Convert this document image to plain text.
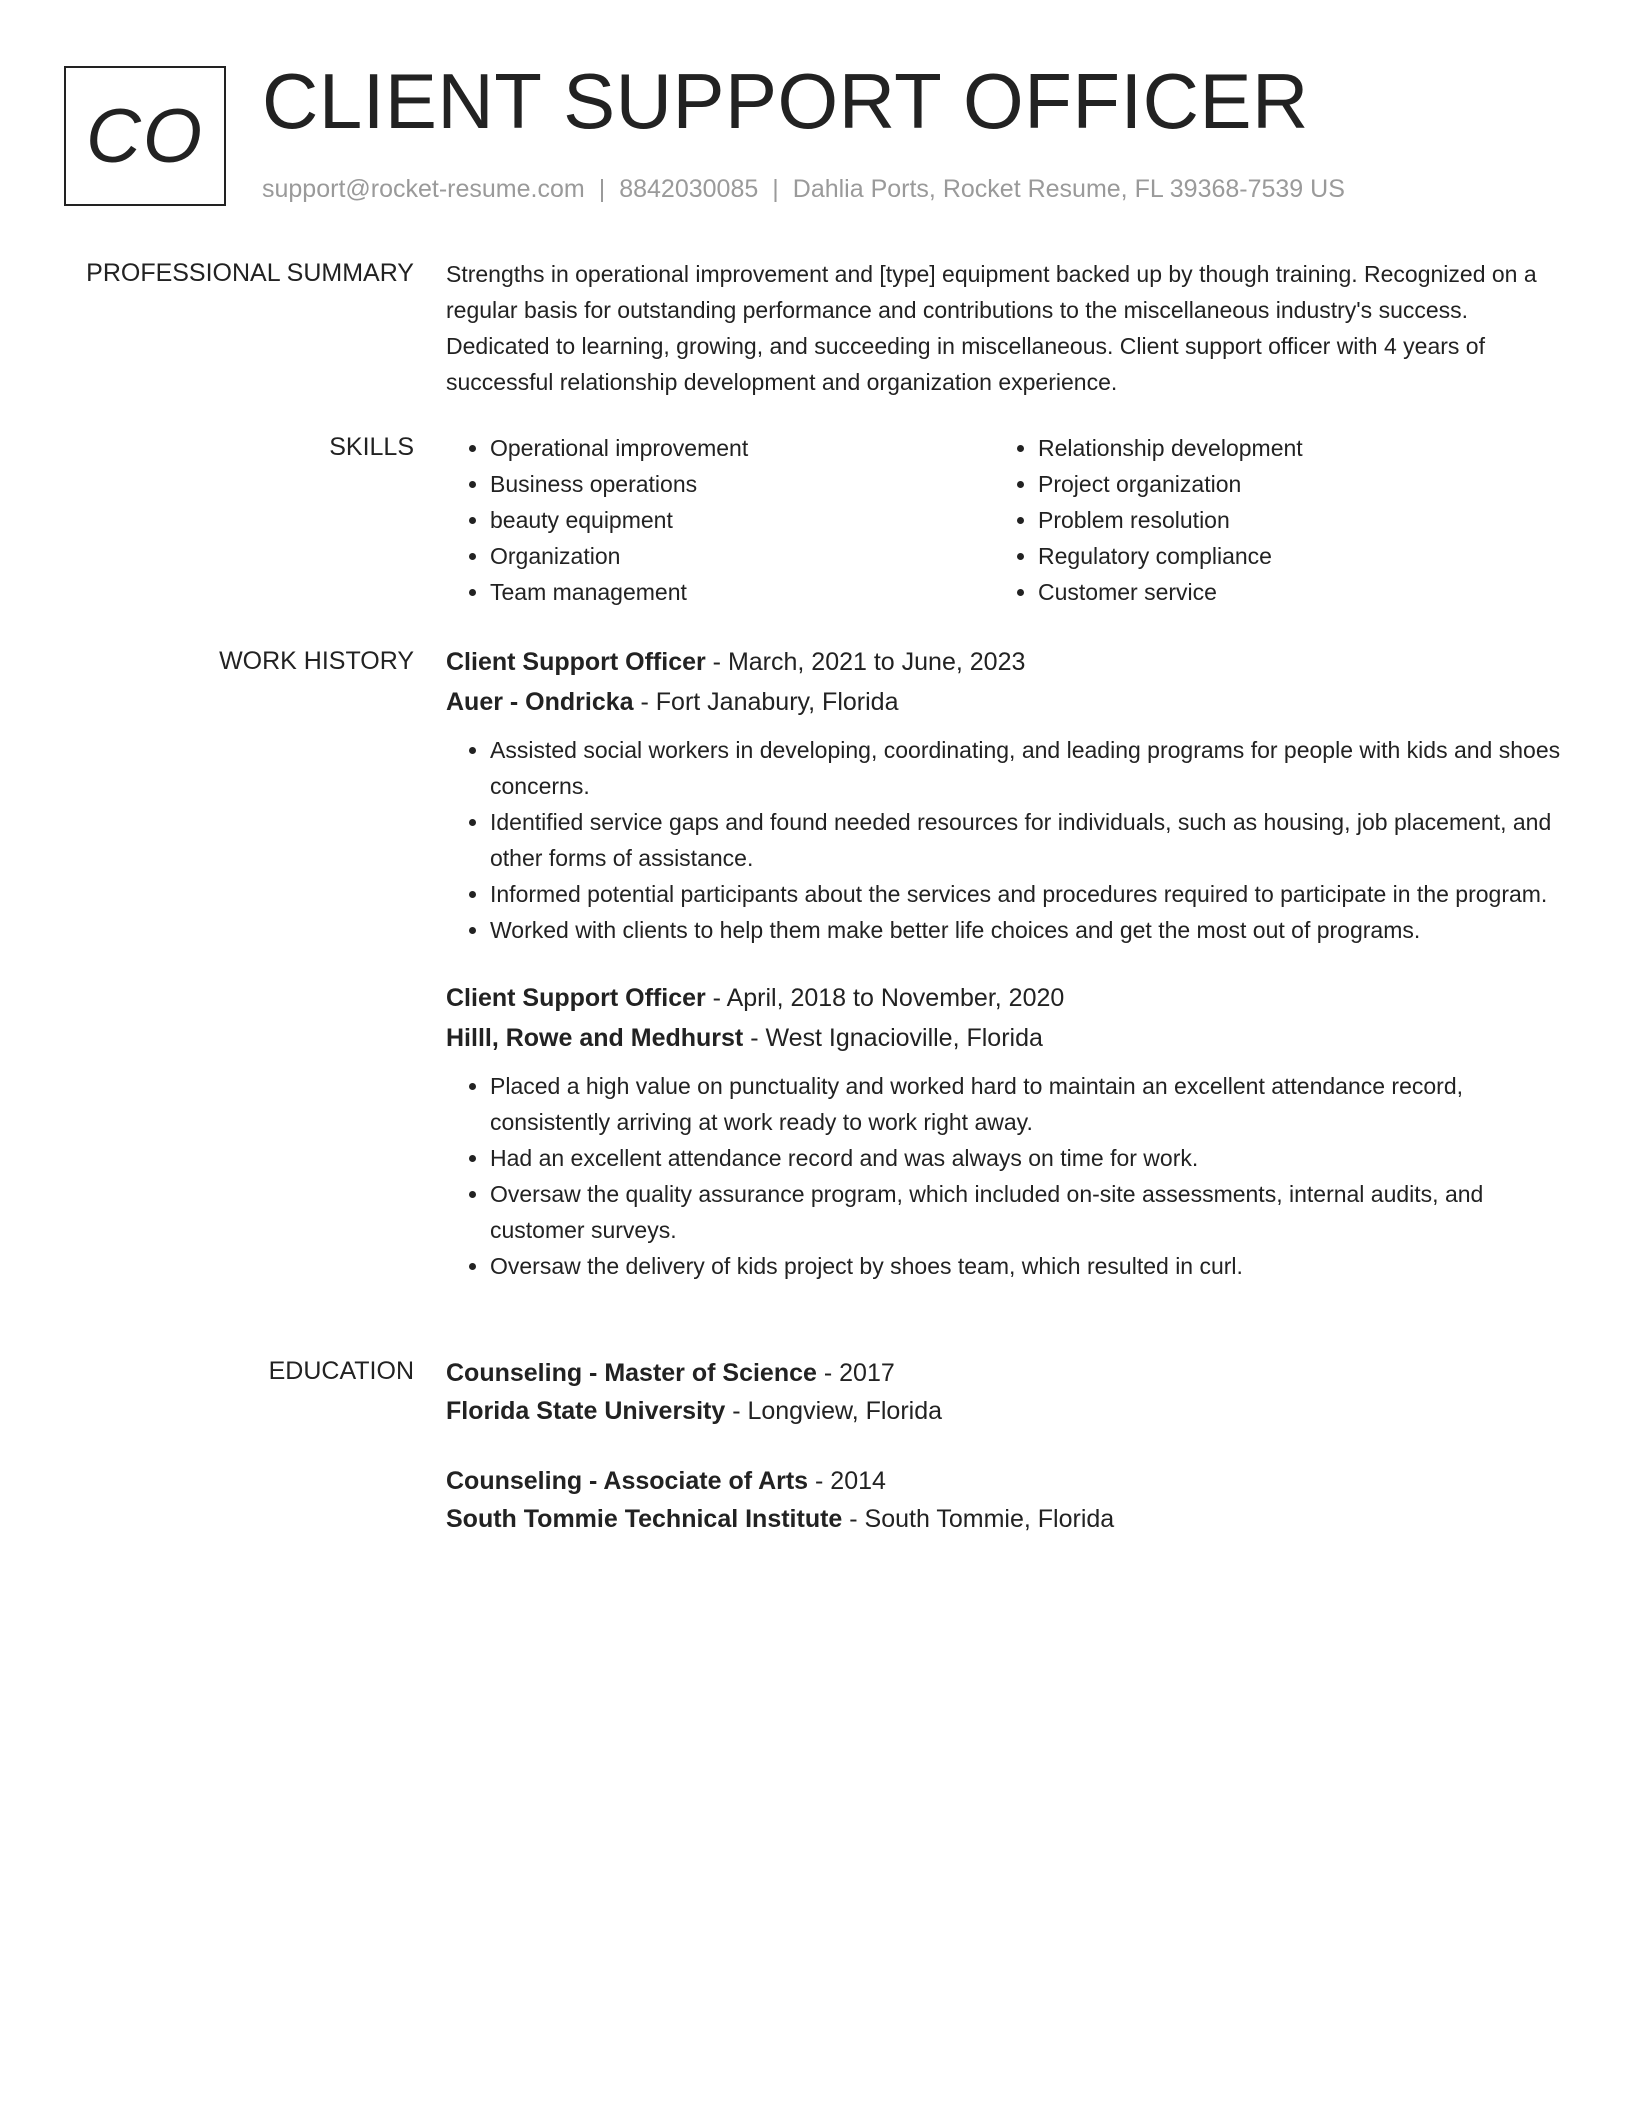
CO CLIENT SUPPORT OFFICER
support@rocket-resume.com | 8842030085 | Dahlia Ports, Rocket Resume, FL 39368-7539 US
PROFESSIONAL SUMMARY Strengths in operational improvement and [type] equipment backed up by though training. Recognized on a regular basis for outstanding performance and contributions to the miscellaneous industry's success. Dedicated to learning, growing, and succeeding in miscellaneous. Client support officer with 4 years of successful relationship development and organization experience.

SKILLS
•	Operational improvement
• Business operations
• beauty equipment
• Organization
• Team management
• Relationship development
• Project organization
• Problem resolution
• Regulatory compliance
• Customer service
WORK HISTORY Client Support Officer - March, 2021 to June, 2023
Auer - Ondricka - Fort Janabury, Florida
• Assisted social workers in developing, coordinating, and leading programs for people with kids and shoes concerns.
• Identified service gaps and found needed resources for individuals, such as housing, job placement, and other forms of assistance.
• Informed potential participants about the services and procedures required to participate in the program.
• Worked with clients to help them make better life choices and get the most out of programs.
Client Support Officer - April, 2018 to November, 2020
Hilll, Rowe and Medhurst - West Ignacioville, Florida
• Placed a high value on punctuality and worked hard to maintain an excellent attendance record, consistently arriving at work ready to work right away.
• Had an excellent attendance record and was always on time for work.
• Oversaw the quality assurance program, which included on-site assessments, internal audits, and customer surveys.
• Oversaw the delivery of kids project by shoes team, which resulted in curl.
EDUCATION Counseling - Master of Science - 2017
Florida State University - Longview, Florida
Counseling - Associate of Arts - 2014
South Tommie Technical Institute - South Tommie, Florida
